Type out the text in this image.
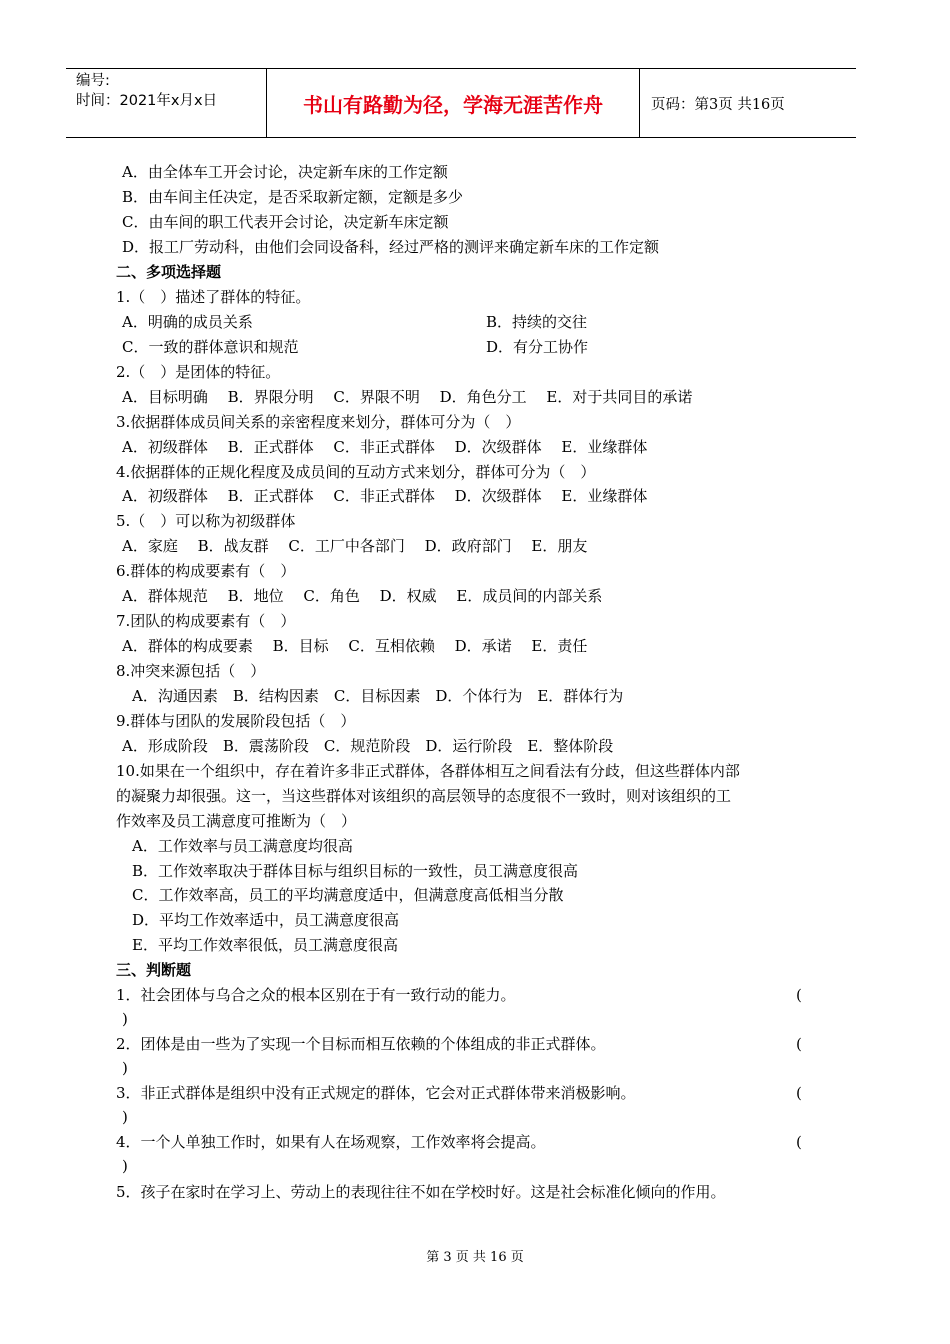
编号:
时间：2021年x月x日	书山有路勤为径，学海无涯苦作舟	页码：第3页 共16页
A．由全体车工开会讨论，决定新车床的工作定额
B．由车间主任决定，是否采取新定额，定额是多少
C．由车间的职工代表开会讨论，决定新车床定额
D．报工厂劳动科，由他们会同设备科，经过严格的测评来确定新车床的工作定额
二、多项选择题
1.（　）描述了群体的特征。
A．明确的成员关系	B．持续的交往
C．一致的群体意识和规范	D．有分工协作
2.（　）是团体的特征。
A．目标明确　 B．界限分明　 C．界限不明　 D．角色分工　 E．对于共同目的承诺
3.依据群体成员间关系的亲密程度来划分，群体可分为（　）
A．初级群体　 B．正式群体　 C．非正式群体　 D．次级群体　 E．业缘群体
4.依据群体的正规化程度及成员间的互动方式来划分，群体可分为（　）
A．初级群体　 B．正式群体　 C．非正式群体　 D．次级群体　 E．业缘群体
5.（　）可以称为初级群体
A．家庭　 B．战友群　 C．工厂中各部门　 D．政府部门　 E．朋友
6.群体的构成要素有（　）
A．群体规范　 B．地位　 C．角色　 D．权威　 E．成员间的内部关系
7.团队的构成要素有（　）
A．群体的构成要素　 B．目标　 C．互相依赖　 D．承诺　 E．责任
8.冲突来源包括（　）
A．沟通因素　B．结构因素　C．目标因素　D．个体行为　E．群体行为
9.群体与团队的发展阶段包括（　）
A．形成阶段　B．震荡阶段　C．规范阶段　D．运行阶段　E．整体阶段
10.如果在一个组织中，存在着许多非正式群体，各群体相互之间看法有分歧，但这些群体内部
的凝聚力却很强。这一，当这些群体对该组织的高层领导的态度很不一致时，则对该组织的工
作效率及员工满意度可推断为（　）
A．工作效率与员工满意度均很高
B．工作效率取决于群体目标与组织目标的一致性，员工满意度很高
C．工作效率高，员工的平均满意度适中，但满意度高低相当分散
D．平均工作效率适中，员工满意度很高
E．平均工作效率很低，员工满意度很高
三、判断题
1．社会团体与乌合之众的根本区别在于有一致行动的能力。	(
)
2．团体是由一些为了实现一个目标而相互依赖的个体组成的非正式群体。	(
)
3．非正式群体是组织中没有正式规定的群体，它会对正式群体带来消极影响。	(
)
4．一个人单独工作时，如果有人在场观察，工作效率将会提高。	(
)
5．孩子在家时在学习上、劳动上的表现往往不如在学校时好。这是社会标准化倾向的作用。
第 3 页 共 16 页
